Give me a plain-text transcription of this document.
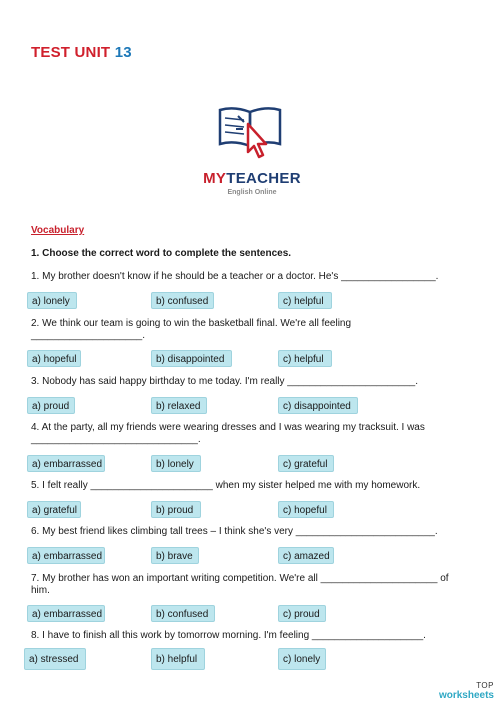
TEST UNIT 13
MYTEACHER
English Online
Vocabulary
1. Choose the correct word to complete the sentences.
1. My brother doesn't know if he should be a teacher or a doctor. He's _________________.
a) lonely	b) confused	c) helpful
2. We think our team is going to win the basketball final. We're all feeling ____________________.
a) hopeful	b) disappointed	c) helpful
3. Nobody has said happy birthday to me today. I'm really _______________________.
a) proud	b) relaxed	c) disappointed
4. At the party, all my friends were wearing dresses and I was wearing my tracksuit. I was ______________________________.
a) embarrassed	b) lonely	c) grateful
5. I felt really ______________________ when my sister helped me with my homework.
a) grateful	b) proud	c) hopeful
6. My best friend likes climbing tall trees – I think she's very _________________________.
a) embarrassed	b) brave	c) amazed
7. My brother has won an important writing competition. We're all _____________________ of him.
a) embarrassed	b) confused	c) proud
8. I have to finish all this work by tomorrow morning. I'm feeling ____________________.
a) stressed	b) helpful	c) lonely
TOP
worksheets
